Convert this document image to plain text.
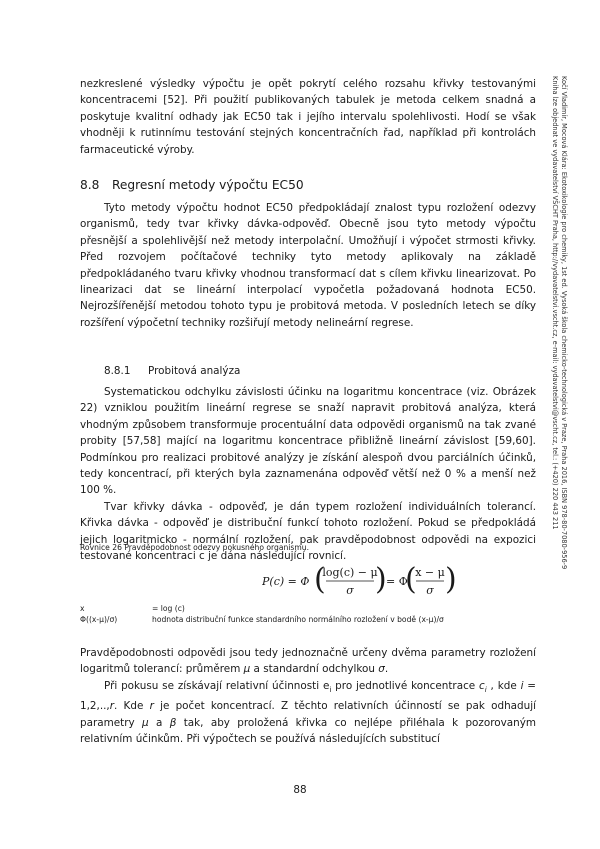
Kočí Vladimír, Mocová Klára: Ekotoxikologie pro chemiky, 1st ed. Vysoká škola chemicko-technologická v Praze, Praha 2016, ISBN 978-80-7080-956-9
Kniha lze objednat ve vydavatelství VŠCHT Praha, http://vydavatelstvi.vscht.cz, e-mail: vydavatelstvi@vscht.cz, tel.: (+420) 220 443 211

nezkreslené výsledky výpočtu je opět pokrytí celého rozsahu křivky testovanými koncentracemi [52]. Při použití publikovaných tabulek je metoda celkem snadná a poskytuje kvalitní odhady jak EC50 tak i jejího intervalu spolehlivosti. Hodí se však vhodněji k rutinnímu testování stejných koncentračních řad, například při kontrolách farmaceutické výroby.

8.8 Regresní metody výpočtu EC50

Tyto metody výpočtu hodnot EC50 předpokládají znalost typu rozložení odezvy organismů, tedy tvar křivky dávka-odpověď. Obecně jsou tyto metody výpočtu přesnější a spolehlivější než metody interpolační. Umožňují i výpočet strmosti křivky. Před rozvojem počítačové techniky tyto metody aplikovaly na základě předpokládaného tvaru křivky vhodnou transformací dat s cílem křivku linearizovat. Po linearizaci dat se lineární interpolací vypočetla požadovaná hodnota EC50. Nejrozšířenější metodou tohoto typu je probitová metoda. V posledních letech se díky rozšíření výpočetní techniky rozšiřují metody nelineární regrese.

8.8.1 Probitová analýza

Systematickou odchylku závislosti účinku na logaritmu koncentrace (viz. Obrázek 22) vzniklou použitím lineární regrese se snaží napravit probitová analýza, která vhodným způsobem transformuje procentuální data odpovědi organismů na tak zvané probity [57,58] mající na logaritmu koncentrace přibližně lineární závislost [59,60]. Podmínkou pro realizaci probitové analýzy je získání alespoň dvou parciálních účinků, tedy koncentrací, při kterých byla zaznamenána odpověď větší než 0 % a menší než 100 %.

Tvar křivky dávka - odpověď, je dán typem rozložení individuálních tolerancí. Křivka dávka - odpověď je distribuční funkcí tohoto rozložení. Pokud se předpokládá jejich logaritmicko - normální rozložení, pak pravděpodobnost odpovědi na expozici testované koncentraci c je dána následující rovnicí.

Rovnice 26 Pravděpodobnost odezvy pokusného organismu.
P(c) = Φ (
log(c) − μ
σ ) = Φ
(
x − μ
σ )
x	= log (c)
Φ((x-μ)/σ)	hodnota distribuční funkce standardního normálního rozložení v bodě (x-μ)/σ

Pravděpodobnosti odpovědi jsou tedy jednoznačně určeny dvěma parametry rozložení logaritmů tolerancí: průměrem μ a standardní odchylkou σ.

Při pokusu se získávají relativní účinnosti $e_i$ pro jednotlivé koncentrace $c_i$ , kde i = 1,2,..,r. Kde r je počet koncentrací. Z těchto relativních účinností se pak odhadují parametry μ a β tak, aby proložená křivka co nejlépe přiléhala k pozorovaným relativním účinkům. Při výpočtech se používá následujících substitucí

88
